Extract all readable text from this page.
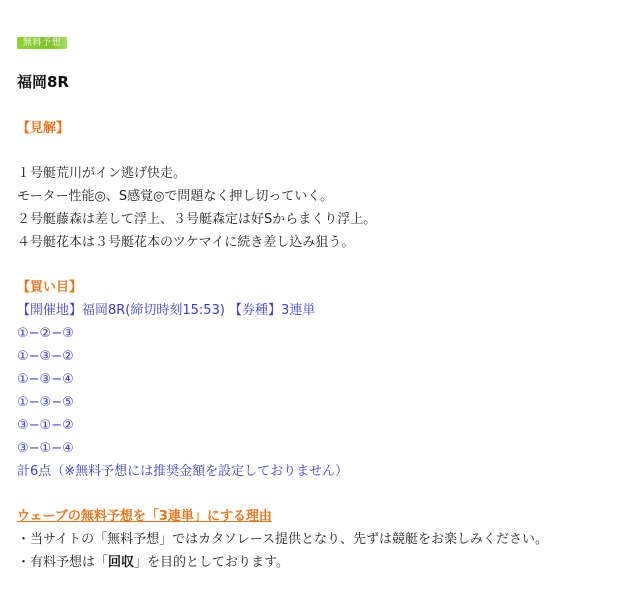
無料予想
福岡8R
【見解】
１号艇荒川がイン逃げ快走。
モーター性能◎、S感覚◎で問題なく押し切っていく。
２号艇藤森は差して浮上、３号艇森定は好Sからまくり浮上。
４号艇花本は３号艇花本のツケマイに続き差し込み狙う。
【買い目】
【開催地】福岡8R(締切時刻15:53) 【券種】3連単
①−②−③
①−③−②
①−③−④
①−③−⑤
③−①−②
③−①−④
計6点（※無料予想には推奨金額を設定しておりません）
ウェーブの無料予想を「3連単」にする理由
・当サイトの「無料予想」ではカタソレース提供となり、先ずは競艇をお楽しみください。
・有料予想は「回収」を目的としております。
